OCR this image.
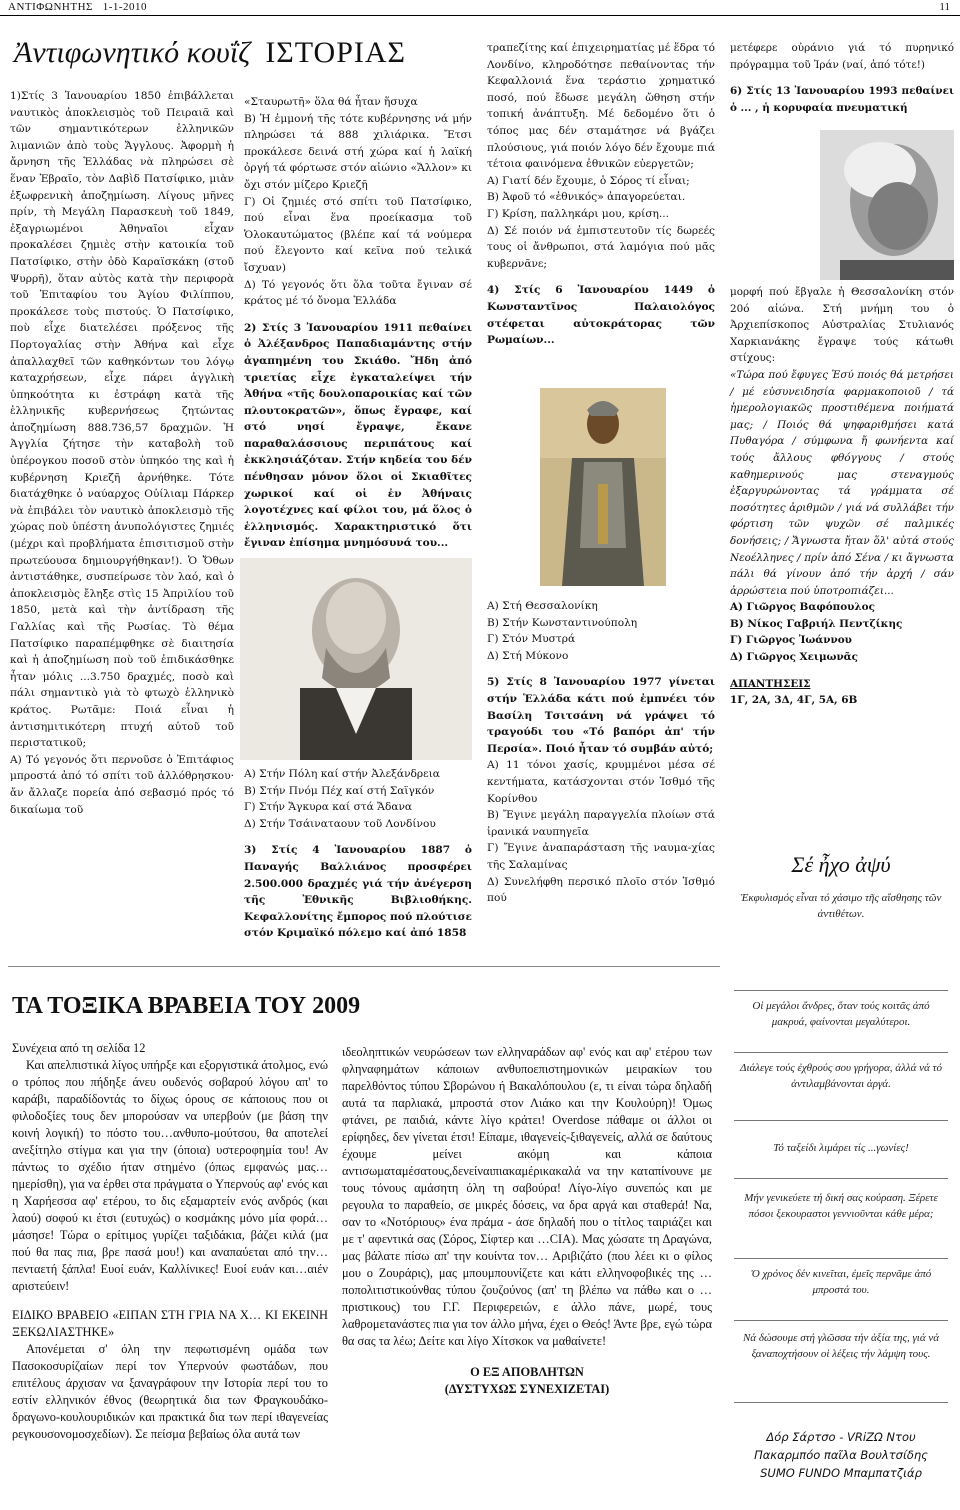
ΑΝΤΙΦΩΝΗΤΗΣ 1-1-2010	11
Ἀντιφωνητικό κουΐζ ΙΣΤΟΡΙΑΣ

1)Στίς 3 Ἰανουαρίου 1850 ἐπιβάλλεται ναυτικὸς ἀποκλεισμὸς τοῦ Πειραιᾶ καὶ τῶν σημαντικότερων ἑλληνικῶν λιμανιῶν ἀπὸ τοὺς Ἄγγλους. Ἀφορμὴ ἡ ἄρνηση τῆς Ἑλλάδας νὰ πληρώσει σὲ ἕναν Ἑβραῖο, τὸν Δαβὶδ Πατσίφικο, μιὰν ἐξωφρενικὴ ἀποζημίωση. Λίγους μῆνες πρίν, τὴ Μεγάλη Παρασκευὴ τοῦ 1849, ἐξαγριωμένοι Ἀθηναῖοι εἶχαν προκαλέσει ζημιὲς στὴν κατοικία τοῦ Πατσίφικο, στὴν ὁδὸ Καραϊσκάκη (στοῦ Ψυρρῆ), ὅταν αὐτὸς κατὰ τὴν περιφορὰ τοῦ Ἐπιταφίου του Ἁγίου Φιλίππου, προκάλεσε τοὺς πιστούς. Ὁ Πατσίφικο, ποὺ εἶχε διατελέσει πρόξενος τῆς Πορτογαλίας στὴν Ἀθήνα καὶ εἶχε ἀπαλλαχθεῖ τῶν καθηκόντων του λόγῳ καταχρήσεων, εἶχε πάρει ἀγγλικὴ ὑπηκοότητα κι ἐστράφη κατὰ τῆς ἑλληνικῆς κυβερνήσεως ζητώντας ἀποζημίωση 888.736,57 δραχμῶν. Ἡ Ἀγγλία ζήτησε τὴν καταβολὴ τοῦ ὑπέρογκου ποσοῦ στὸν ὑπηκόο της καὶ ἡ κυβέρνηση Κριεζῆ ἀρνήθηκε. Τότε διατάχθηκε ὁ ναύαρχος Οὐίλιαμ Πάρκερ νὰ ἐπιβάλει τὸν ναυτικὸ ἀποκλεισμὸ τῆς χώρας ποὺ ὑπέστη ἀνυπολόγιστες ζημιές (μέχρι καὶ προβλήματα ἐπισιτισμοῦ στὴν πρωτεύουσα δημιουργήθηκαν!). Ὁ Ὄθων ἀντιστάθηκε, συσπείρωσε τὸν λαό, καὶ ὁ ἀποκλεισμὸς ἔληξε στὶς 15 Ἀπριλίου τοῦ 1850, μετὰ καὶ τὴν ἀντίδραση τῆς Γαλλίας καὶ τῆς Ρωσίας. Τὸ θέμα Πατσίφικο παραπέμφθηκε σὲ διαιτησία καὶ ἡ ἀποζημίωση ποὺ τοῦ ἐπιδικάσθηκε ἦταν μόλις ...3.750 δραχμές, ποσὸ καὶ πάλι σημαντικὸ γιὰ τὸ φτωχὸ ἑλληνικὸ κράτος. Ρωτᾶμε: Ποιά εἶναι ἡ ἀντισημιτικότερη πτυχή αὐτοῦ τοῦ περιστατικοῦ;

Α) Τό γεγονός ὅτι περνοῦσε ὁ Ἐπιτάφιος μπροστά ἀπό τό σπίτι τοῦ ἀλλόθρησκου· ἄν ἄλλαζε πορεία ἀπό σεβασμό πρός τό δικαίωμα τοῦ

«Σταυρωτῆ» ὅλα θά ἦταν ἥσυχα

Β) Ἡ ἐμμονή τῆς τότε κυβέρνησης νά μήν πληρώσει τά 888 χιλιάρικα. Ἔτσι προκάλεσε δεινά στή χώρα καί ἡ λαϊκή ὀργή τά φόρτωσε στόν αἰώνιο «Ἄλλον» κι ὄχι στόν μίζερο Κριεζῆ

Γ) Οἱ ζημιές στό σπίτι τοῦ Πατσίφικο, πού εἶναι ἕνα προείκασμα τοῦ Ὁλοκαυτώματος (βλέπε καί τά νούμερα πού ἔλεγοντο καί κεῖνα πού τελικά ἴσχυαν)

Δ) Τό γεγονός ὅτι ὅλα τοῦτα ἔγιναν σέ κράτος μέ τό ὄνομα Ἑλλάδα

2) Στίς 3 Ἰανουαρίου 1911 πεθαίνει ὁ Ἀλέξανδρος Παπαδιαμάντης στήν ἀγαπημένη του Σκιάθο. Ἤδη ἀπό τριετίας εἶχε ἐγκαταλείψει τήν Ἀθήνα «τῆς δουλοπαροικίας καί τῶν πλουτοκρατῶν», ὅπως ἔγραφε, καί στό νησί ἔγραψε, ἔκανε παραθαλάσσιους περιπάτους καί ἐκκλησιάζόταν. Στήν κηδεία του δέν πένθησαν μόνον ὅλοι οἱ Σκιαθῖτες χωρικοί καί οἱ ἐν Ἀθήναις λογοτέχνες καί φίλοι του, μά ὅλος ὁ ἑλληνισμός. Χαρακτηριστικό ὅτι ἔγιναν ἐπίσημα μνημόσυνά του...

Α) Στήν Πόλη καί στήν Ἀλεξάνδρεια

Β) Στήν Πνόμ Πέχ καί στή Σαϊγκόν

Γ) Στήν Ἄγκυρα καί στά Ἄδανα

Δ) Στήν Τσάιναταουν τοῦ Λονδίνου

3) Στίς 4 Ἰανουαρίου 1887 ὁ Παναγής Βαλλιάνος προσφέρει 2.500.000 δραχμές γιά τήν ἀνέγερση τῆς Ἐθνικῆς Βιβλιοθήκης. Κεφαλλονίτης ἔμπορος πού πλούτισε στόν Κριμαϊκό πόλεμο καί ἀπό 1858

τραπεζίτης καί ἐπιχειρηματίας μέ ἕδρα τό Λονδίνο, κληροδότησε πεθαίνοντας τήν Κεφαλλονιά ἕνα τεράστιο χρηματικό ποσό, πού ἔδωσε μεγάλη ὤθηση στήν τοπική ἀνάπτυξη. Μέ δεδομένο ὅτι ὁ τόπος μας δέν σταμάτησε νά βγάζει πλούσιους, γιά ποιόν λόγο δέν ἔχουμε πιά τέτοια φαινόμενα ἐθνικῶν εὐεργετῶν;

Α) Γιατί δέν ἔχουμε, ὁ Σόρος τί εἶναι;

Β) Ἀφοῦ τό «ἐθνικός» ἀπαγορεύεται.

Γ) Κρίση, παλληκάρι μου, κρίση...

Δ) Σέ ποιόν νά ἐμπιστευτοῦν τίς δωρεές τους οἱ ἄνθρωποι, στά λαμόγια πού μᾶς κυβερνᾶνε;

4) Στίς 6 Ἰανουαρίου 1449 ὁ Κωνσταντῖνος Παλαιολόγος στέφεται αὐτοκράτορας τῶν Ρωμαίων...

Α) Στή Θεσσαλονίκη

Β) Στήν Κωνσταντινούπολη

Γ) Στόν Μυστρά

Δ) Στή Μύκονο

5) Στίς 8 Ἰανουαρίου 1977 γίνεται στήν Ἑλλάδα κάτι πού ἐμπνέει τόν Βασίλη Τσιτσάνη νά γράψει τό τραγούδι του «Τό βαπόρι ἀπ' τήν Περσία». Ποιό ἦταν τό συμβάν αὐτό;

Α) 11 τόνοι χασίς, κρυμμένοι μέσα σέ κεντήματα, κατάσχονται στόν Ἰσθμό τῆς Κορίνθου

Β) Ἔγινε μεγάλη παραγγελία πλοίων στά ἰρανικά ναυπηγεῖα

Γ) Ἔγινε ἀναπαράσταση τῆς ναυμα-χίας τῆς Σαλαμίνας

Δ) Συνελήφθη περσικό πλοῖο στόν Ἰσθμό πού

μετέφερε οὐράνιο γιά τό πυρηνικό πρόγραμμα τοῦ Ἰράν (ναί, ἀπό τότε!)

6) Στίς 13 Ἰανουαρίου 1993 πεθαίνει ὁ ... , ἡ κορυφαία πνευματική

μορφή πού ἔβγαλε ἡ Θεσσαλονίκη στόν 20ό αἰώνα. Στή μνήμη του ὁ Ἀρχιεπίσκοπος Αὐστραλίας Στυλιανός Χαρκιανάκης ἔγραψε τούς κάτωθι στίχους:

«Τώρα πού ἔφυγες Ἐσύ ποιός θά μετρήσει / μέ εὐσυνειδησία φαρμακοποιοῦ / τά ἡμερολογιακῶς προστιθέμενα ποιήματά μας; / Ποιός θά ψηφαριθμήσει κατά Πυθαγόρα / σύμφωνα ἤ φωνήεντα καί τούς ἄλλους φθόγγους / στούς καθημερινούς μας στεναγμούς ἐξαργυρώνοντας τά γράμματα σέ ποσότητες ἀριθμῶν / γιά νά συλλάβει τήν φόρτιση τῶν ψυχῶν σέ παλμικές δονήσεις; / Ἄγνωστα ἤταν ὅλ' αὐτά στούς Νεοέλληνες / πρίν ἀπό Σένα / κι ἄγνωστα πάλι θά γίνουν ἀπό τήν ἀρχή / σάν ἀρρώστεια πού ὑποτροπιάζει...

Α) Γιῶργος Βαφόπουλος

Β) Νίκος Γαβριήλ Πεντζίκης

Γ) Γιῶργος Ἰωάννου

Δ) Γιῶργος Χειμωνᾶς

ΑΠΑΝΤΗΣΕΙΣ

1Γ, 2Α, 3Δ, 4Γ, 5Α, 6Β

ΤΑ ΤΟΞΙΚΑ ΒΡΑΒΕΙΑ ΤΟΥ 2009

Συνέχεια από τη σελίδα 12

Και απελπιστικά λίγος υπήρξε και εξοργιστικά άτολμος, ενώ ο τρόπος που πήδηξε άνευ ουδενός σοβαρού λόγου απ' το καράβι, παραδίδοντάς το δίχως όρους σε κάποιους που οι φιλοδοξίες τους δεν μπορούσαν να υπερβούν (με βάση την κοινή λογική) το πόστο του…ανθυπο-μούτσου, θα αποτελεί ανεξίτηλο στίγμα και για την (όποια) υστεροφημία του! Αν πάντως το σχέδιο ήταν στημένο (όπως εμφανώς μας…ημερίσθη), για να έρθει στα πράγματα ο Υπερνούς αφ' ενός και η Χαρήεσσα αφ' ετέρου, το δις εξαμαρτείν ενός ανδρός (και λαού) σοφού κι έτσι (ευτυχώς) ο κοσμάκης μόνο μία φορά…μάσησε! Τώρα ο ερίτιμος γυρίζει ταξιδάκια, βάζει κιλά (μα πού θα πας πια, βρε πασά μου!) και αναπαύεται από την…πενταετή ξάπλα! Ευοί ευάν, Καλλίνικες! Ευοί ευάν και…αιέν αριστεύειν!

ΕΙΔΙΚΟ ΒΡΑΒΕΙΟ «ΕΙΠΑΝ ΣΤΗ ΓΡΙΑ ΝΑ Χ… ΚΙ ΕΚΕΙΝΗ ΞΕΚΩΛΙΑΣΤΗΚΕ»

Απονέμεται σ' όλη την πεφωτισμένη ομάδα των Πασοκοσυρίζαίων περί τον Υπερνούν φωστάδων, που επιτέλους άρχισαν να ξαναγράφουν την Ιστορία περί του το εστίν ελληνικόν έθνος (θεωρητικά δια των Φραγκουδάκο-δραγωνο-κουλουριδικών και πρακτικά δια των περί ιθαγενείας ρεγκουσονομοσχεδίων). Σε πείσμα βεβαίως όλα αυτά των

ιδεοληπτικών νευρώσεων των ελληναράδων αφ' ενός και αφ' ετέρου των φληναφημάτων κάποιων ανθυποεπιστημονικών μειρακίων του παρελθόντος τύπου Σβορώνου ή Βακαλόπουλου (ε, τι είναι τώρα δηλαδή αυτά τα παρλιακά, μπροστά στον Λιάκο και την Κουλούρη)! Όμως φτάνει, ρε παιδιά, κάντε λίγο κράτει! Overdose πάθαμε οι άλλοι οι ερίφηδες, δεν γίνεται έτσι! Είπαμε, ιθαγενείς-ξιθαγενείς, αλλά σε δαύτους έχουμε μείνει ακόμη και κάποια αντισωματαμέσατους,δενείναιπιακαμέρικακαλά να την καταπίνουνε με τους τόνους αμάσητη όλη τη σαβούρα! Λίγο-λίγο συνεπώς και με ρεγουλα το παραθείο, σε μικρές δόσεις, να δρα αργά και σταθερά! Να, σαν το «Νοτόριους» ένα πράμα - άσε δηλαδή που ο τίτλος ταιριάζει και με τ' αφεντικά σας (Σόρος, Σίφτερ και …CIA). Μας χώσατε τη Δραγώνα, μας βάλατε πίσω απ' την κουίντα τον… Αριβιζάτο (που λέει κι ο φίλος μου ο Ζουράρις), μας μπουμπουνίζετε και κάτι ελληνοφοβικές της …ποπολιτιστικούνθας τύπου ζουζούνος (απ' τη βλέπω να πάθω και ο …πριστικους) του Γ.Γ. Περιφερειών, ε άλλο πάνε, μωρέ, τους λαθρομετανάστες πια για τον άλλο μήνα, έχει ο Θεός! Άντε βρε, εγώ τώρα θα σας τα λέω; Δείτε και λίγο Χίτσκοκ να μαθαίνετε!

Ο ΕΞ ΑΠΟΒΛΗΤΩΝ

(ΔΥΣΤΥΧΩΣ ΣΥΝΕΧΙΖΕΤΑΙ)

Σέ ἦχο ἀψύ
Ἐκφυλισμός εἶναι τό χάσιμο τῆς αἴσθησης τῶν ἀντιθέτων.
Οἱ μεγάλοι ἄνδρες, ὅταν τούς κοιτᾶς ἀπό μακρυά, φαίνονται μεγαλύτεροι.
Διάλεγε τούς ἐχθρούς σου γρήγορα, ἀλλά νά τό ἀντιλαμβάνονται ἀργά.
Τό ταξείδι λιμάρει τίς ...γωνίες!
Μήν γενικεύετε τή δική σας κούραση. Ξέρετε πόσοι ξεκουραστοι γεννιοῦνται κάθε μέρα;
Ὁ χρόνος δέν κινεῖται, ἐμεῖς περνᾶμε ἀπό μπροστά του.
Νά δώσουμε στή γλῶσσα τήν ἀξία της, γιά νά ξαναποχτήσουν οἱ λέξεις τήν λάμψη τους.
Δόρ Σάρτσο - VRiZΩ Ντου
Πακαρμπόο παῖλα Βουλτσίδης
SUMO FUNDO Μπαμπατζιάρ
